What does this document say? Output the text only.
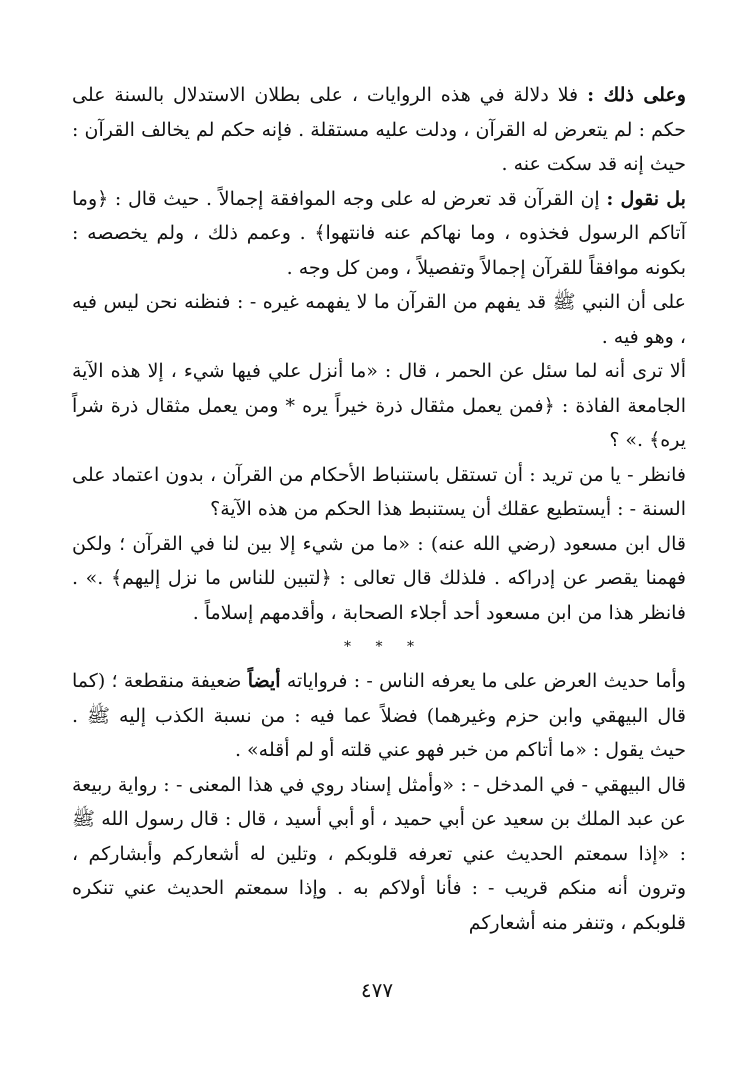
وعلى ذلك : فلا دلالة في هذه الروايات ، على بطلان الاستدلال بالسنة على حكم : لم يتعرض له القرآن ، ودلت عليه مستقلة . فإنه حكم لم يخالف القرآن : حيث إنه قد سكت عنه .

بل نقول : إن القرآن قد تعرض له على وجه الموافقة إجمالاً . حيث قال : ﴿وما آتاكم الرسول فخذوه ، وما نهاكم عنه فانتهوا﴾ . وعمم ذلك ، ولم يخصصه : بكونه موافقاً للقرآن إجمالاً وتفصيلاً ، ومن كل وجه .

على أن النبي ﷺ قد يفهم من القرآن ما لا يفهمه غيره - : فنظنه نحن ليس فيه ، وهو فيه .

ألا ترى أنه لما سئل عن الحمر ، قال : «ما أنزل علي فيها شيء ، إلا هذه الآية الجامعة الفاذة : ﴿فمن يعمل مثقال ذرة خيراً يره * ومن يعمل مثقال ذرة شراً يره﴾ .» ؟

فانظر - يا من تريد : أن تستقل باستنباط الأحكام من القرآن ، بدون اعتماد على السنة - : أيستطيع عقلك أن يستنبط هذا الحكم من هذه الآية؟

قال ابن مسعود (رضي الله عنه) : «ما من شيء إلا بين لنا في القرآن ؛ ولكن فهمنا يقصر عن إدراكه . فلذلك قال تعالى : ﴿لتبين للناس ما نزل إليهم﴾ .» . فانظر هذا من ابن مسعود أحد أجلاء الصحابة ، وأقدمهم إسلاماً .

* * *

وأما حديث العرض على ما يعرفه الناس - : فرواياته أيضاً ضعيفة منقطعة ؛ (كما قال البيهقي وابن حزم وغيرهما) فضلاً عما فيه : من نسبة الكذب إليه ﷺ . حيث يقول : «ما أتاكم من خبر فهو عني قلته أو لم أقله» .

قال البيهقي - في المدخل - : «وأمثل إسناد روي في هذا المعنى - : رواية ربيعة عن عبد الملك بن سعيد عن أبي حميد ، أو أبي أسيد ، قال : قال رسول الله ﷺ : «إذا سمعتم الحديث عني تعرفه قلوبكم ، وتلين له أشعاركم وأبشاركم ، وترون أنه منكم قريب - : فأنا أولاكم به . وإذا سمعتم الحديث عني تنكره قلوبكم ، وتنفر منه أشعاركم

٤٧٧
